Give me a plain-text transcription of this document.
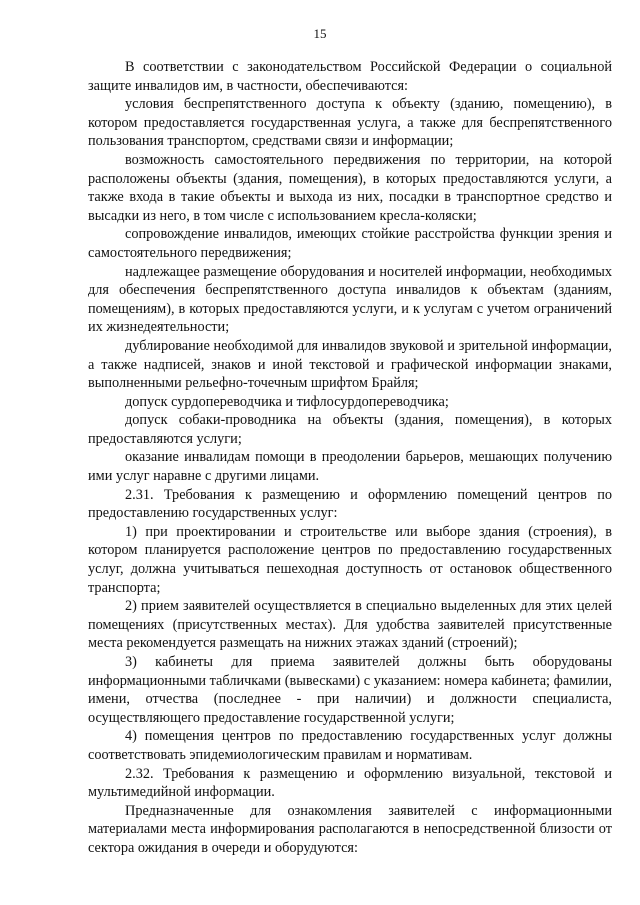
15

В соответствии с законодательством Российской Федерации о социальной защите инвалидов им, в частности, обеспечиваются:

условия беспрепятственного доступа к объекту (зданию, помещению), в котором предоставляется государственная услуга, а также для беспрепятственного пользования транспортом, средствами связи и информации;

возможность самостоятельного передвижения по территории, на которой расположены объекты (здания, помещения), в которых предоставляются услуги, а также входа в такие объекты и выхода из них, посадки в транспортное средство и высадки из него, в том числе с использованием кресла-коляски;

сопровождение инвалидов, имеющих стойкие расстройства функции зрения и самостоятельного передвижения;

надлежащее размещение оборудования и носителей информации, необходимых для обеспечения беспрепятственного доступа инвалидов к объектам (зданиям, помещениям), в которых предоставляются услуги, и к услугам с учетом ограничений их жизнедеятельности;

дублирование необходимой для инвалидов звуковой и зрительной информации, а также надписей, знаков и иной текстовой и графической информации знаками, выполненными рельефно-точечным шрифтом Брайля;

допуск сурдопереводчика и тифлосурдопереводчика;

допуск собаки-проводника на объекты (здания, помещения), в которых предоставляются услуги;

оказание инвалидам помощи в преодолении барьеров, мешающих получению ими услуг наравне с другими лицами.

2.31. Требования к размещению и оформлению помещений центров по предоставлению государственных услуг:

1) при проектировании и строительстве или выборе здания (строения), в котором планируется расположение центров по предоставлению государственных услуг, должна учитываться пешеходная доступность от остановок общественного транспорта;

2) прием заявителей осуществляется в специально выделенных для этих целей помещениях (присутственных местах). Для удобства заявителей присутственные места рекомендуется размещать на нижних этажах зданий (строений);

3) кабинеты для приема заявителей должны быть оборудованы информационными табличками (вывесками) с указанием: номера кабинета; фамилии, имени, отчества (последнее - при наличии) и должности специалиста, осуществляющего предоставление государственной услуги;

4) помещения центров по предоставлению государственных услуг должны соответствовать эпидемиологическим правилам и нормативам.

2.32. Требования к размещению и оформлению визуальной, текстовой и мультимедийной информации.

Предназначенные для ознакомления заявителей с информационными материалами места информирования располагаются в непосредственной близости от сектора ожидания в очереди и оборудуются:
